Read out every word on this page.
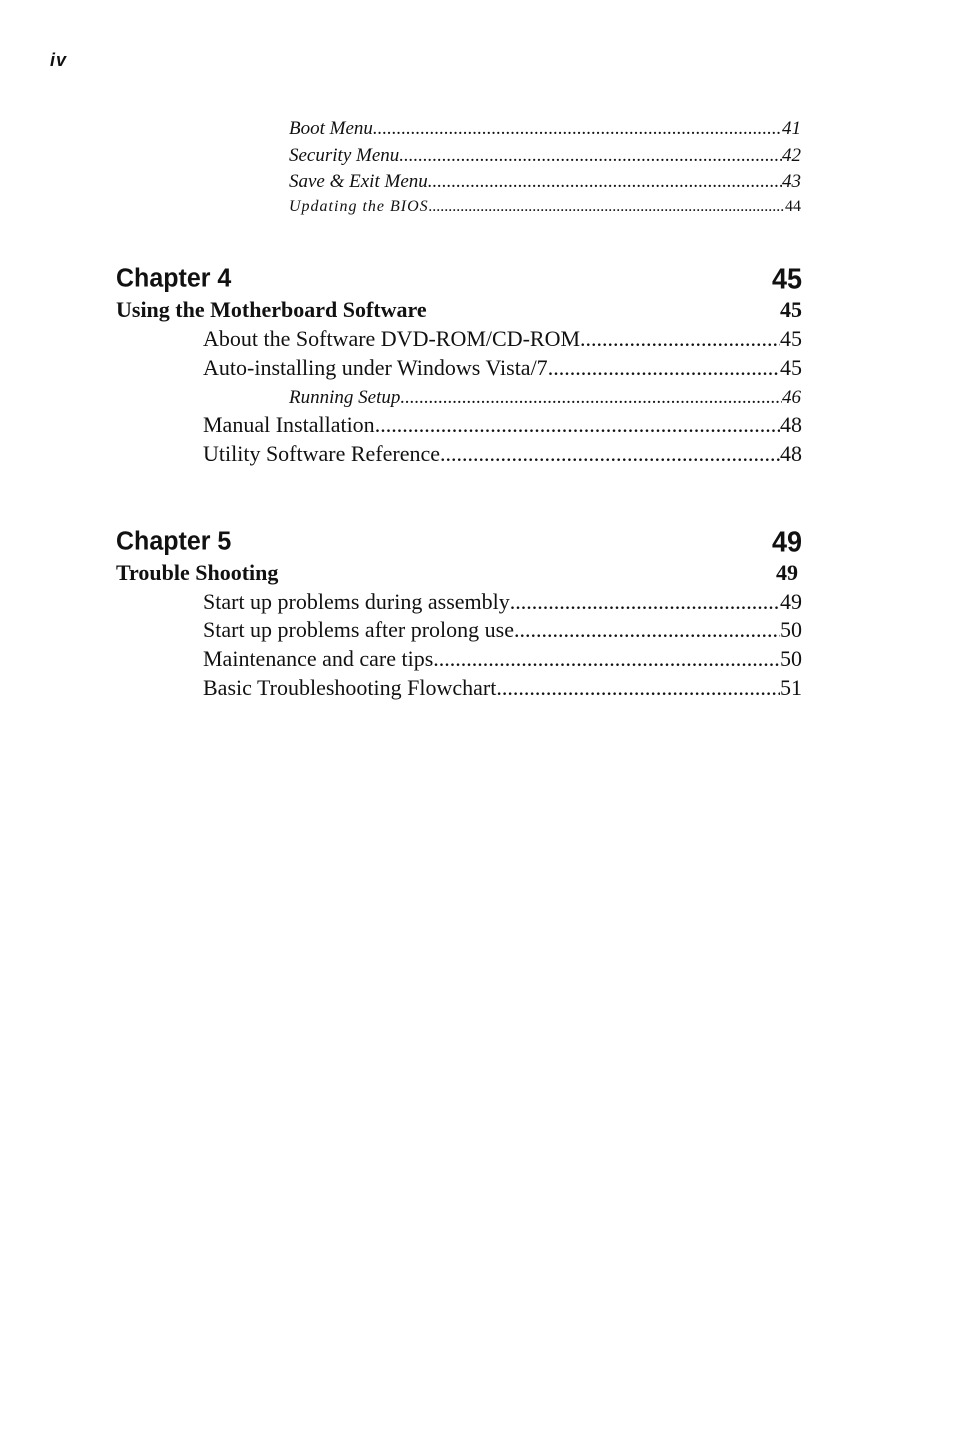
iv
Boot Menu .....	41
Security Menu .....	42
Save & Exit Menu .....	43
Updating the BIOS .....	44
Chapter 4	45
Using the Motherboard Software	45
About the Software DVD-ROM/CD-ROM .....	45
Auto-installing under Windows Vista/7 .....	45
Running Setup .....	46
Manual Installation .....	48
Utility Software Reference .....	48
Chapter 5	49
Trouble Shooting	49
Start up problems during assembly .....	49
Start up problems after prolong use .....	50
Maintenance and care tips .....	50
Basic Troubleshooting Flowchart .....	51
